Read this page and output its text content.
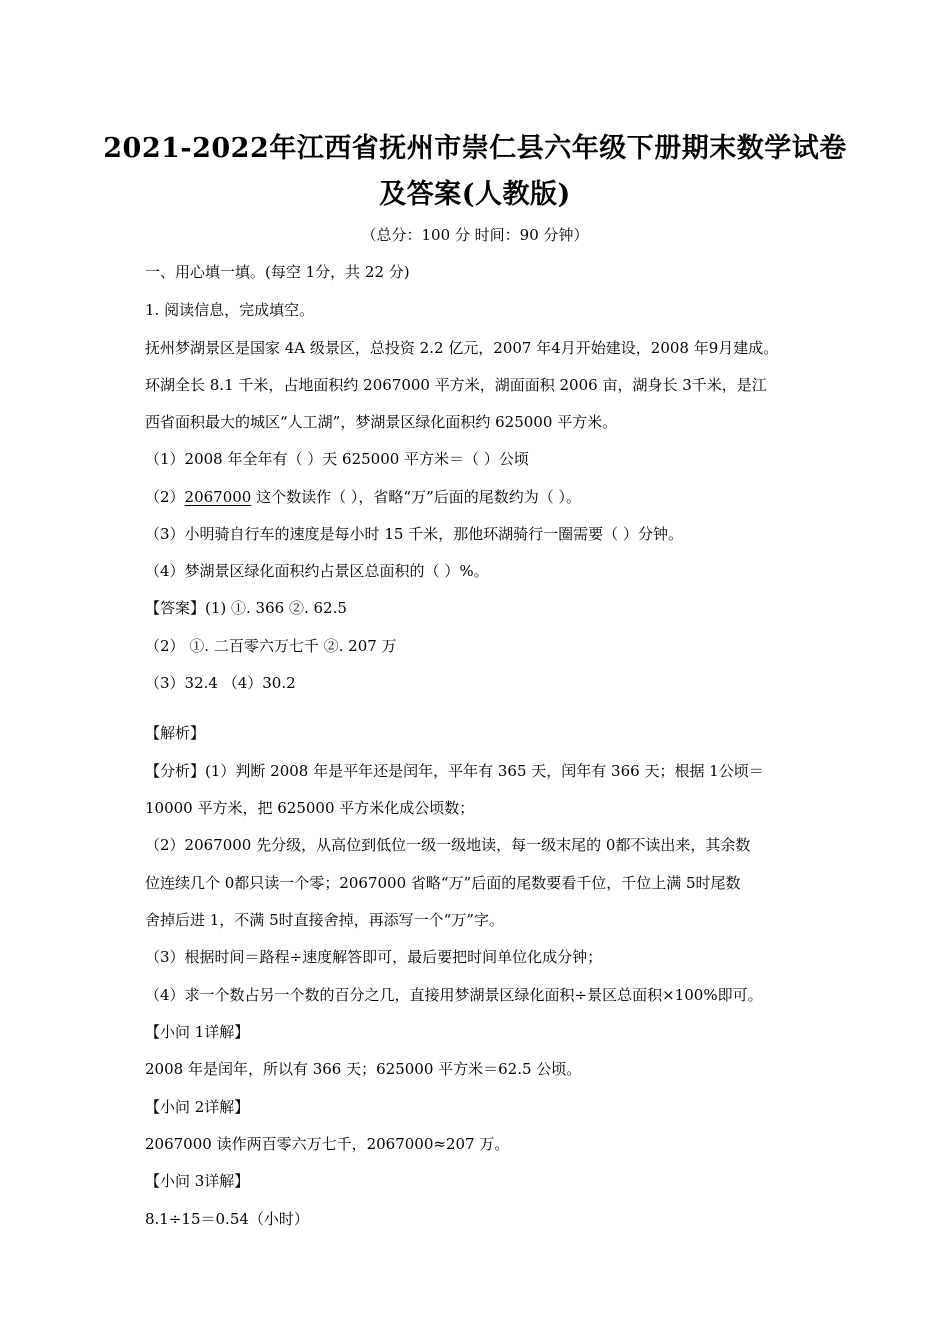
2021-2022年江西省抚州市崇仁县六年级下册期末数学试卷
及答案(人教版)
（总分：100 分 时间：90 分钟）
一、用心填一填。(每空 1分，共 22 分)
1. 阅读信息，完成填空。
抚州梦湖景区是国家 4A 级景区，总投资 2.2 亿元，2007 年4月开始建设，2008 年9月建成。
环湖全长 8.1 千米，占地面积约 2067000 平方米，湖面面积 2006 亩，湖身长 3千米，是江
西省面积最大的城区“人工湖”，梦湖景区绿化面积约 625000 平方米。
（1）2008 年全年有（ ）天 625000 平方米＝（ ）公顷
（2）2067000 这个数读作（ ），省略“万”后面的尾数约为（ ）。
（3）小明骑自行车的速度是每小时 15 千米，那他环湖骑行一圈需要（ ）分钟。
（4）梦湖景区绿化面积约占景区总面积的（ ）%。
【答案】(1) ①. 366 ②. 62.5
（2） ①. 二百零六万七千 ②. 207 万
（3）32.4 （4）30.2
【解析】
【分析】(1）判断 2008 年是平年还是闰年，平年有 365 天，闰年有 366 天；根据 1公顷＝
10000 平方米，把 625000 平方米化成公顷数；
（2）2067000 先分级，从高位到低位一级一级地读，每一级末尾的 0都不读出来，其余数
位连续几个 0都只读一个零；2067000 省略“万”后面的尾数要看千位，千位上满 5时尾数
舍掉后进 1，不满 5时直接舍掉，再添写一个“万”字。
（3）根据时间＝路程÷速度解答即可，最后要把时间单位化成分钟；
（4）求一个数占另一个数的百分之几，直接用梦湖景区绿化面积÷景区总面积×100%即可。
【小问 1详解】
2008 年是闰年，所以有 366 天；625000 平方米＝62.5 公顷。
【小问 2详解】
2067000 读作两百零六万七千，2067000≈207 万。
【小问 3详解】
8.1÷15＝0.54（小时）
